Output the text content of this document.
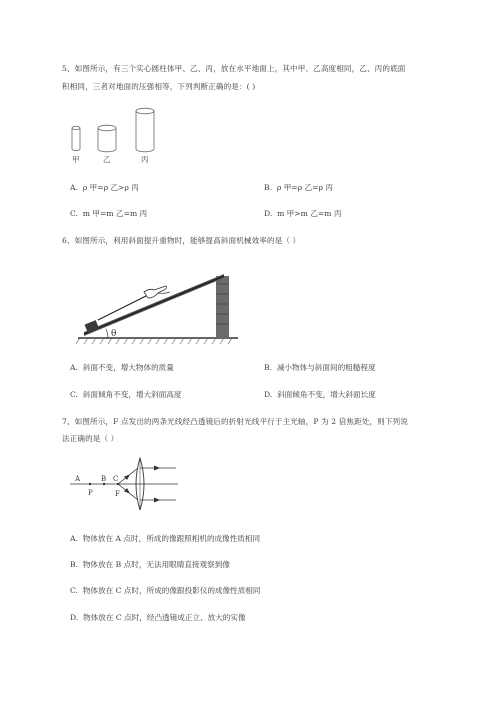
5、如图所示，有三个实心圆柱体甲、乙、丙，放在水平地面上，其中甲、乙高度相同，乙、丙的底面
积相同，三者对地面的压强相等，下列判断正确的是：( )
甲	乙	丙
A. ρ 甲=ρ 乙>ρ 丙	B. ρ 甲=ρ 乙=ρ 丙
C. m 甲=m 乙=m 丙	D. m 甲>m 乙=m 丙
6、如图所示，利用斜面提升重物时，能够提高斜面机械效率的是（ ）
θ
A. 斜面不变，增大物体的质量	B. 减小物体与斜面间的粗糙程度
C. 斜面倾角不变，增大斜面高度	D. 斜面倾角不变，增大斜面长度
7、如图所示，F 点发出的两条光线经凸透镜后的折射光线平行于主光轴，P 为 2 倍焦距处，则下列说
法正确的是（ ）
A
P
B C
F
A. 物体放在 A 点时，所成的像跟照相机的成像性质相同
B. 物体放在 B 点时，无法用眼睛直接观察到像
C. 物体放在 C 点时，所成的像跟投影仪的成像性质相同
D. 物体放在 C 点时，经凸透镜成正立、放大的实像
